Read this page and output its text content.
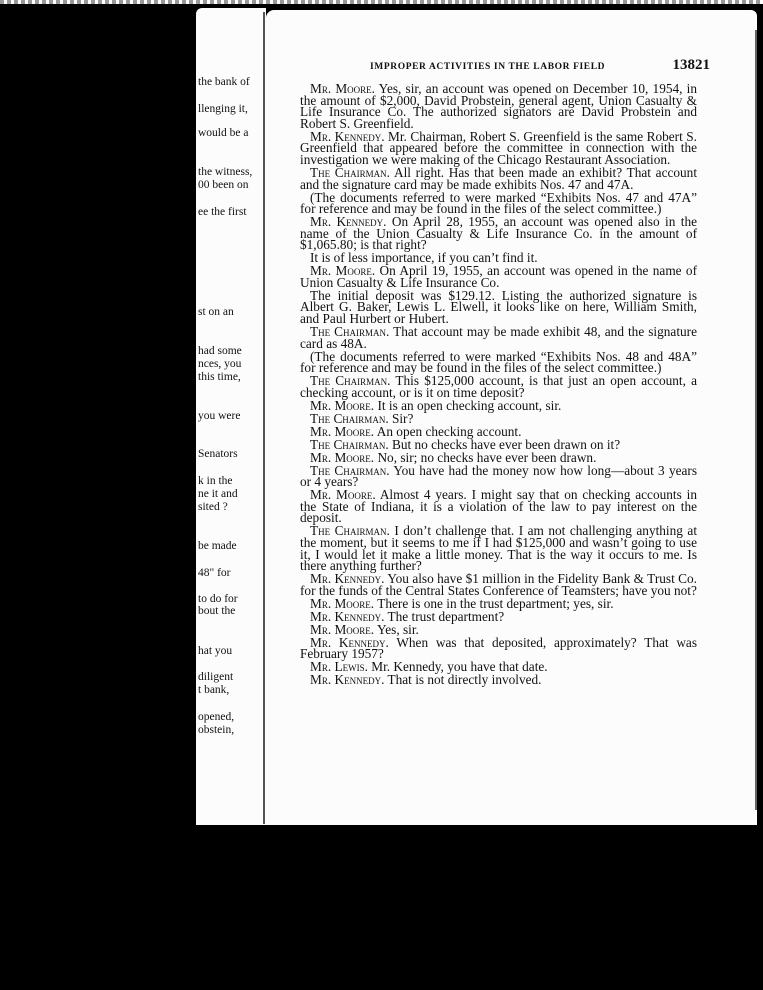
the bank of
llenging it,
would be a
the witness,
00 been on
ee the first
st on an
had some
nces, you
this time,
you were
Senators
k in the
ne it and
sited ?
be made
48" for
to do for
bout the
hat you
diligent
t bank,
opened,
obstein,
IMPROPER ACTIVITIES IN THE LABOR FIELD	13821

Mr. Moore. Yes, sir, an account was opened on December 10, 1954, in the amount of $2,000, David Probstein, general agent, Union Casualty & Life Insurance Co. The authorized signators are David Probstein and Robert S. Greenfield.

Mr. Kennedy. Mr. Chairman, Robert S. Greenfield is the same Robert S. Greenfield that appeared before the committee in connection with the investigation we were making of the Chicago Restaurant Association.

The Chairman. All right. Has that been made an exhibit? That account and the signature card may be made exhibits Nos. 47 and 47A.

(The documents referred to were marked “Exhibits Nos. 47 and 47A” for reference and may be found in the files of the select committee.)

Mr. Kennedy. On April 28, 1955, an account was opened also in the name of the Union Casualty & Life Insurance Co. in the amount of $1,065.80; is that right?

It is of less importance, if you can’t find it.

Mr. Moore. On April 19, 1955, an account was opened in the name of Union Casualty & Life Insurance Co.

The initial deposit was $129.12. Listing the authorized signature is Albert G. Baker, Lewis L. Elwell, it looks like on here, William Smith, and Paul Hurbert or Hubert.

The Chairman. That account may be made exhibit 48, and the signature card as 48A.

(The documents referred to were marked “Exhibits Nos. 48 and 48A” for reference and may be found in the files of the select committee.)

The Chairman. This $125,000 account, is that just an open account, a checking account, or is it on time deposit?

Mr. Moore. It is an open checking account, sir.

The Chairman. Sir?

Mr. Moore. An open checking account.

The Chairman. But no checks have ever been drawn on it?

Mr. Moore. No, sir; no checks have ever been drawn.

The Chairman. You have had the money now how long—about 3 years or 4 years?

Mr. Moore. Almost 4 years. I might say that on checking accounts in the State of Indiana, it is a violation of the law to pay interest on the deposit.

The Chairman. I don’t challenge that. I am not challenging anything at the moment, but it seems to me if I had $125,000 and wasn’t going to use it, I would let it make a little money. That is the way it occurs to me. Is there anything further?

Mr. Kennedy. You also have $1 million in the Fidelity Bank & Trust Co. for the funds of the Central States Conference of Teamsters; have you not?

Mr. Moore. There is one in the trust department; yes, sir.

Mr. Kennedy. The trust department?

Mr. Moore. Yes, sir.

Mr. Kennedy. When was that deposited, approximately? That was February 1957?

Mr. Lewis. Mr. Kennedy, you have that date.

Mr. Kennedy. That is not directly involved.
